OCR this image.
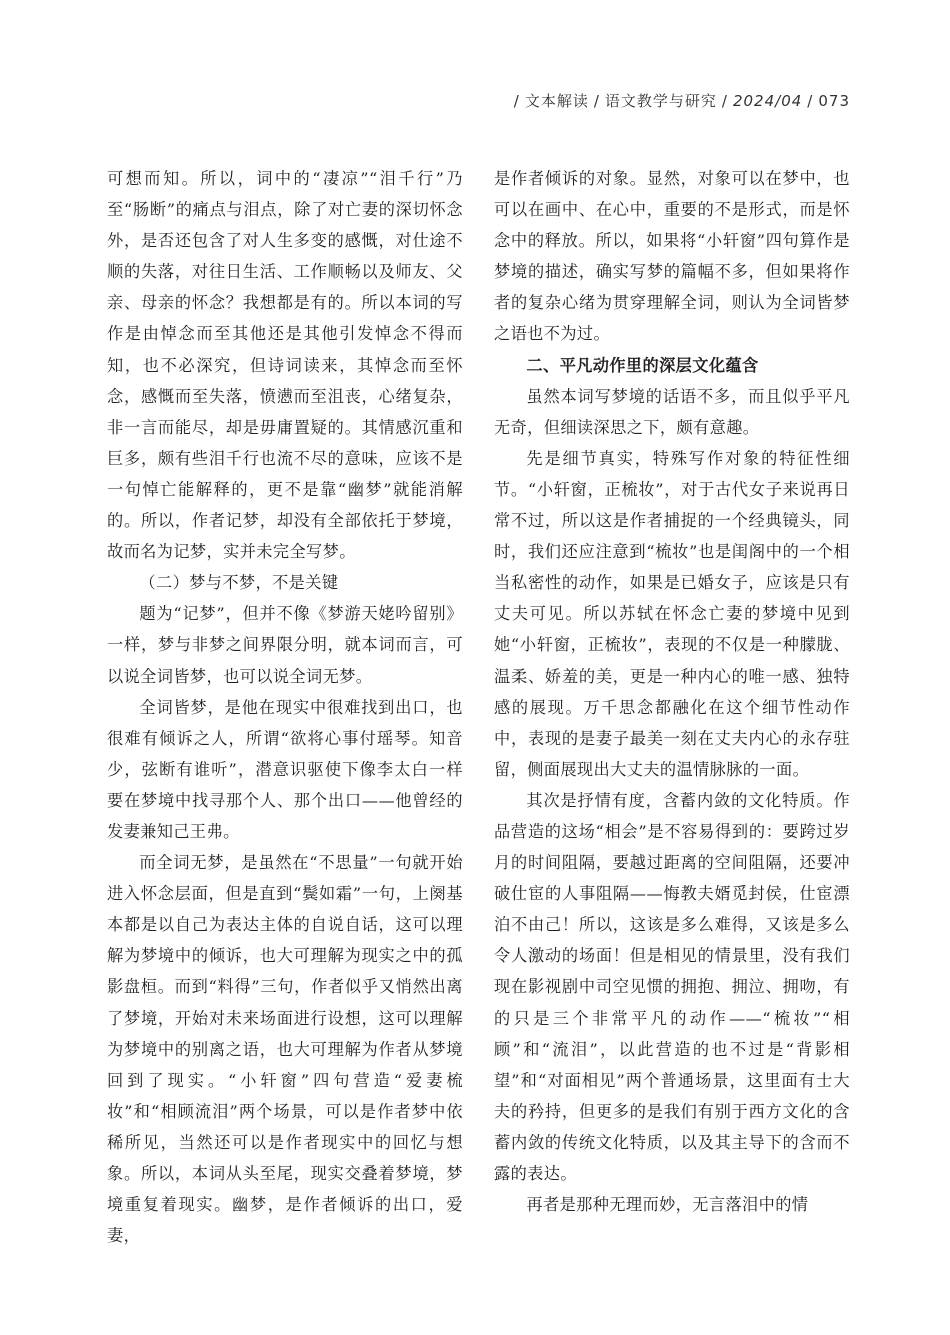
/ 文本解读 / 语文教学与研究 / 2024/04 / 073

可想而知。所以，词中的“凄凉”“泪千行”乃至“肠断”的痛点与泪点，除了对亡妻的深切怀念外，是否还包含了对人生多变的感慨，对仕途不顺的失落，对往日生活、工作顺畅以及师友、父亲、母亲的怀念？我想都是有的。所以本词的写作是由悼念而至其他还是其他引发悼念不得而知，也不必深究，但诗词读来，其悼念而至怀念，感慨而至失落，愤懑而至沮丧，心绪复杂，非一言而能尽，却是毋庸置疑的。其情感沉重和巨多，颇有些泪千行也流不尽的意味，应该不是一句悼亡能解释的，更不是靠“幽梦”就能消解的。所以，作者记梦，却没有全部依托于梦境，故而名为记梦，实并未完全写梦。

（二）梦与不梦，不是关键

题为“记梦”，但并不像《梦游天姥吟留别》一样，梦与非梦之间界限分明，就本词而言，可以说全词皆梦，也可以说全词无梦。

全词皆梦，是他在现实中很难找到出口，也很难有倾诉之人，所谓“欲将心事付瑶琴。知音少，弦断有谁听”，潜意识驱使下像李太白一样要在梦境中找寻那个人、那个出口——他曾经的发妻兼知己王弗。

而全词无梦，是虽然在“不思量”一句就开始进入怀念层面，但是直到“鬓如霜”一句，上阕基本都是以自己为表达主体的自说自话，这可以理解为梦境中的倾诉，也大可理解为现实之中的孤影盘桓。而到“料得”三句，作者似乎又悄然出离了梦境，开始对未来场面进行设想，这可以理解为梦境中的别离之语，也大可理解为作者从梦境回到了现实。“小轩窗”四句营造“爱妻梳妆”和“相顾流泪”两个场景，可以是作者梦中依稀所见，当然还可以是作者现实中的回忆与想象。所以，本词从头至尾，现实交叠着梦境，梦境重复着现实。幽梦，是作者倾诉的出口，爱妻，

是作者倾诉的对象。显然，对象可以在梦中，也可以在画中、在心中，重要的不是形式，而是怀念中的释放。所以，如果将“小轩窗”四句算作是梦境的描述，确实写梦的篇幅不多，但如果将作者的复杂心绪为贯穿理解全词，则认为全词皆梦之语也不为过。

二、平凡动作里的深层文化蕴含

虽然本词写梦境的话语不多，而且似乎平凡无奇，但细读深思之下，颇有意趣。

先是细节真实，特殊写作对象的特征性细节。“小轩窗，正梳妆”，对于古代女子来说再日常不过，所以这是作者捕捉的一个经典镜头，同时，我们还应注意到“梳妆”也是闺阁中的一个相当私密性的动作，如果是已婚女子，应该是只有丈夫可见。所以苏轼在怀念亡妻的梦境中见到她“小轩窗，正梳妆”，表现的不仅是一种朦胧、温柔、娇羞的美，更是一种内心的唯一感、独特感的展现。万千思念都融化在这个细节性动作中，表现的是妻子最美一刻在丈夫内心的永存驻留，侧面展现出大丈夫的温情脉脉的一面。

其次是抒情有度，含蓄内敛的文化特质。作品营造的这场“相会”是不容易得到的：要跨过岁月的时间阻隔，要越过距离的空间阻隔，还要冲破仕宦的人事阻隔——悔教夫婿觅封侯，仕宦漂泊不由己！所以，这该是多么难得，又该是多么令人激动的场面！但是相见的情景里，没有我们现在影视剧中司空见惯的拥抱、拥泣、拥吻，有的只是三个非常平凡的动作——“梳妆”“相顾”和“流泪”，以此营造的也不过是“背影相望”和“对面相见”两个普通场景，这里面有士大夫的矜持，但更多的是我们有别于西方文化的含蓄内敛的传统文化特质，以及其主导下的含而不露的表达。

再者是那种无理而妙，无言落泪中的情
